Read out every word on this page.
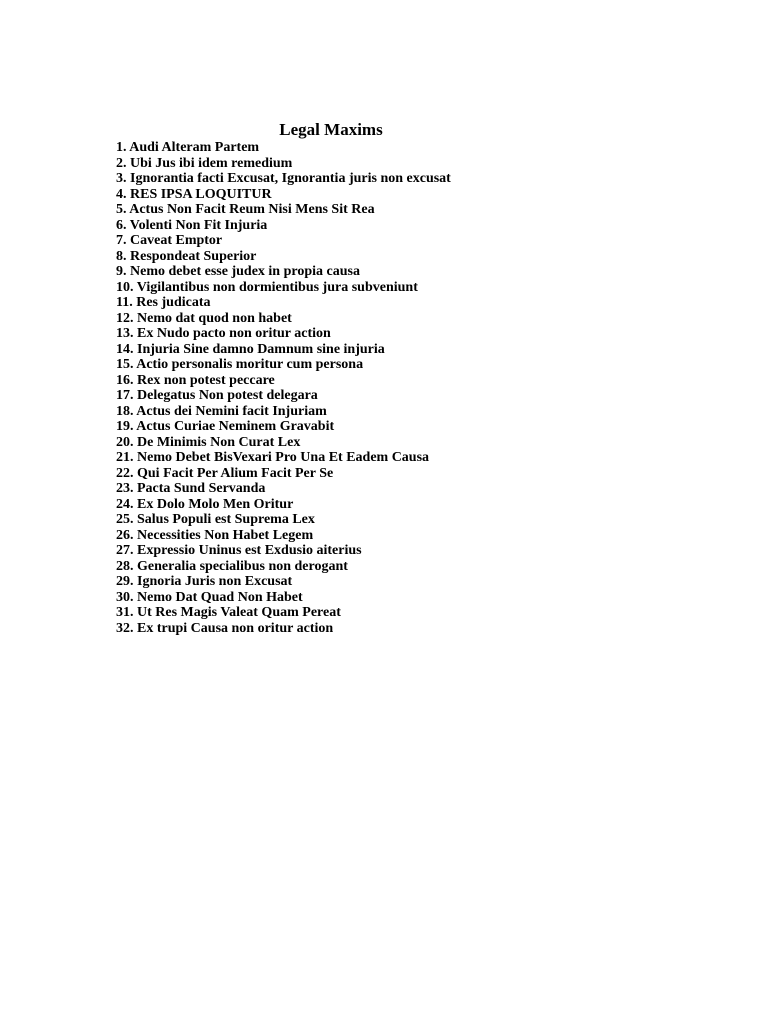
Legal Maxims
1. Audi Alteram Partem
2. Ubi Jus ibi idem remedium
3. Ignorantia facti Excusat, Ignorantia juris non excusat
4. RES IPSA LOQUITUR
5. Actus Non Facit Reum Nisi Mens Sit Rea
6. Volenti Non Fit Injuria
7. Caveat Emptor
8. Respondeat Superior
9. Nemo debet esse judex in propia causa
10. Vigilantibus non dormientibus jura subveniunt
11. Res judicata
12. Nemo dat quod non habet
13. Ex Nudo pacto non oritur action
14. Injuria Sine damno Damnum sine injuria
15. Actio personalis moritur cum persona
16. Rex non potest peccare
17. Delegatus Non potest delegara
18. Actus dei Nemini facit Injuriam
19. Actus Curiae Neminem Gravabit
20. De Minimis Non Curat Lex
21. Nemo Debet BisVexari Pro Una Et Eadem Causa
22. Qui Facit Per Alium Facit Per Se
23. Pacta Sund Servanda
24. Ex Dolo Molo Men Oritur
25. Salus Populi est Suprema Lex
26. Necessities Non Habet Legem
27. Expressio Uninus est Exdusio aiterius
28. Generalia specialibus non derogant
29. Ignoria Juris non Excusat
30. Nemo Dat Quad Non Habet
31. Ut Res Magis Valeat Quam Pereat
32. Ex trupi Causa non oritur action
